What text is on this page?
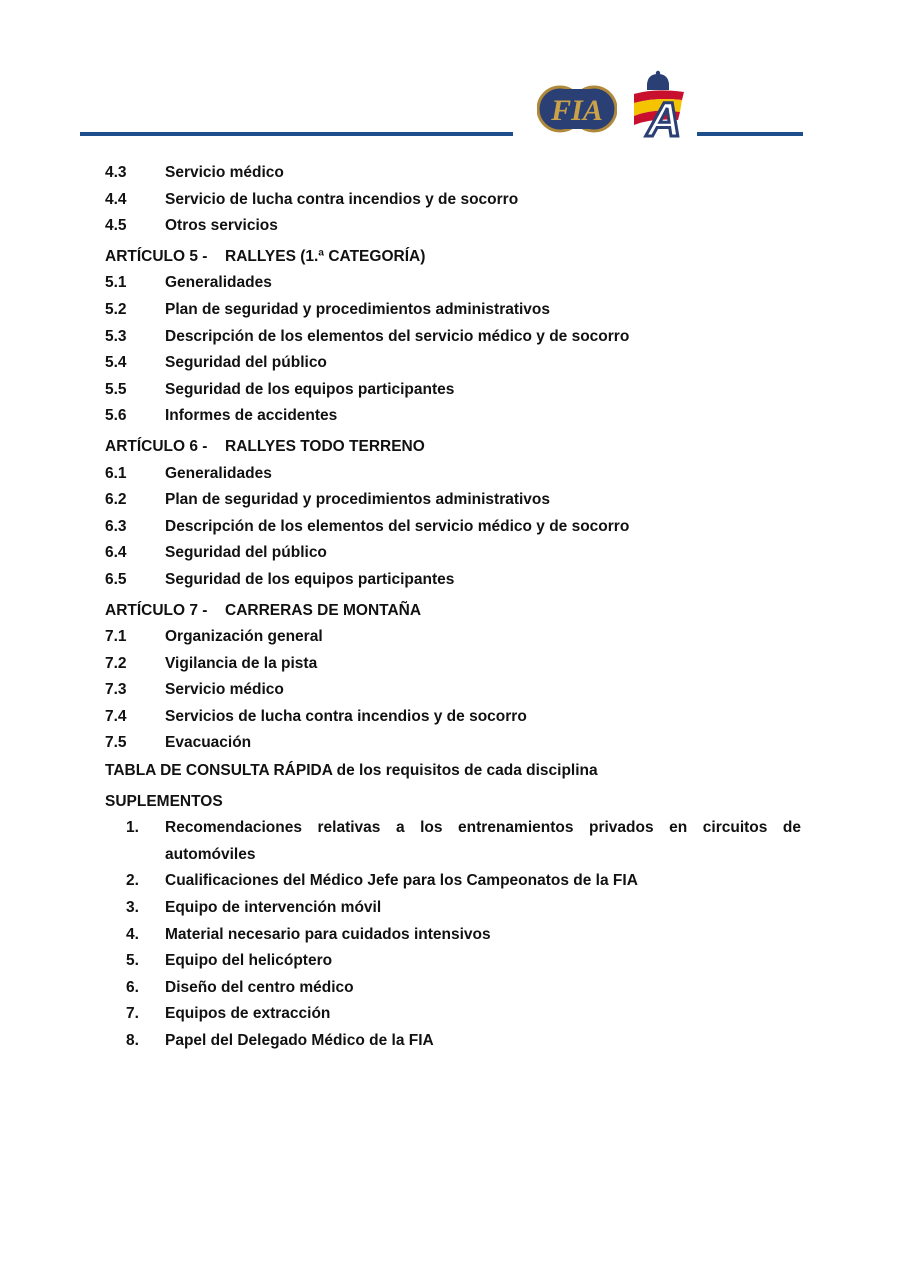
FIA A
4.3	Servicio médico
4.4	Servicio de lucha contra incendios y de socorro
4.5	Otros servicios
ARTÍCULO 5 - RALLYES (1.ª CATEGORÍA)
5.1	Generalidades
5.2	Plan de seguridad y procedimientos administrativos
5.3	Descripción de los elementos del servicio médico y de socorro
5.4	Seguridad del público
5.5	Seguridad de los equipos participantes
5.6	Informes de accidentes
ARTÍCULO 6 - RALLYES TODO TERRENO
6.1	Generalidades
6.2	Plan de seguridad y procedimientos administrativos
6.3	Descripción de los elementos del servicio médico y de socorro
6.4	Seguridad del público
6.5	Seguridad de los equipos participantes
ARTÍCULO 7 - CARRERAS DE MONTAÑA
7.1	Organización general
7.2	Vigilancia de la pista
7.3	Servicio médico
7.4	Servicios de lucha contra incendios y de socorro
7.5	Evacuación
TABLA DE CONSULTA RÁPIDA de los requisitos de cada disciplina
SUPLEMENTOS
1.	Recomendaciones relativas a los entrenamientos privados en circuitos de automóviles
2.	Cualificaciones del Médico Jefe para los Campeonatos de la FIA
3.	Equipo de intervención móvil
4.	Material necesario para cuidados intensivos
5.	Equipo del helicóptero
6.	Diseño del centro médico
7.	Equipos de extracción
8.	Papel del Delegado Médico de la FIA
